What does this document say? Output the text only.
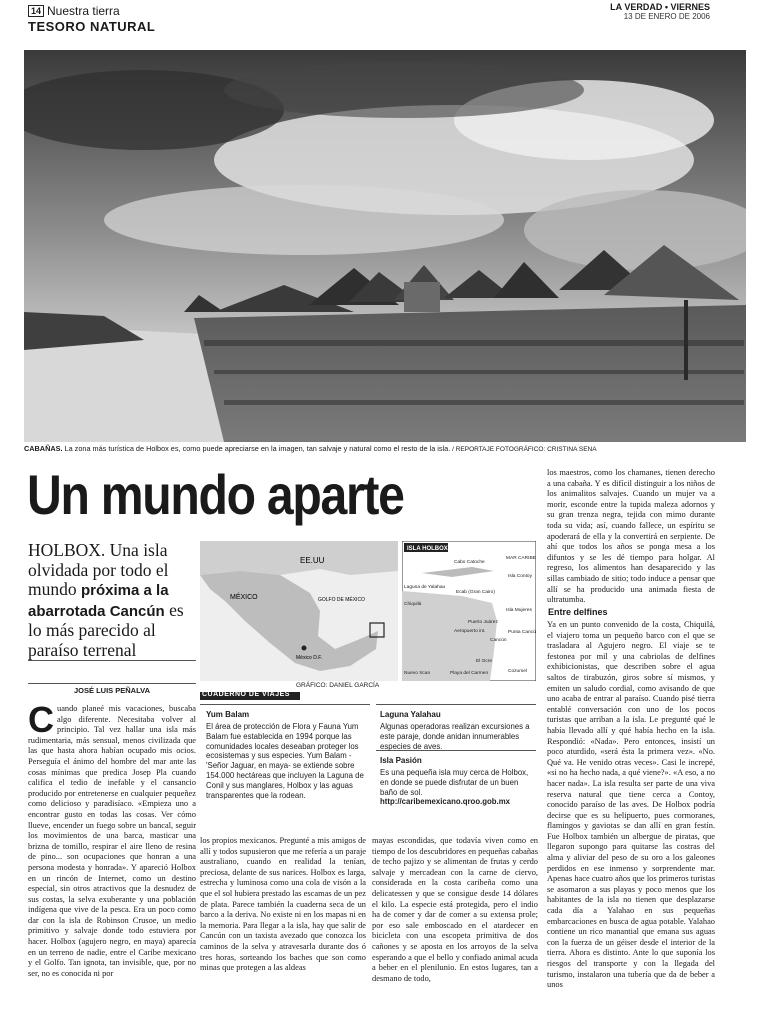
14 Nuestra tierra
TESORO NATURAL
LA VERDAD • VIERNES
13 DE ENERO DE 2006
CABAÑAS. La zona más turística de Holbox es, como puede apreciarse en la imagen, tan salvaje y natural como el resto de la isla. / REPORTAJE FOTOGRÁFICO: CRISTINA SENA
Un mundo aparte
HOLBOX. Una isla olvidada por todo el mundo próxima a la abarrotada Cancún es lo más parecido al paraíso terrenal
JOSÉ LUIS PEÑALVA
Cuando planeé mis vacaciones, buscaba algo diferente. Necesitaba volver al principio. Tal vez hallar una isla más rudimentaria, más sensual, menos civilizada que las que hasta ahora habían ocupado mis ocios. Perseguía el ánimo del hombre del mar ante las cosas mínimas que predica Josep Pla cuando califica el tedio de inefable y el cansancio producido por entretenerse en cualquier pequeñez como delicioso y paradisíaco. «Empieza uno a encontrar gusto en todas las cosas. Ver cómo llueve, encender un fuego sobre un bancal, seguir los movimientos de una barca, masticar una brizna de tomillo, respirar el aire lleno de resina de pino... son ocupaciones que honran a una persona modesta y honrada». Y apareció Holbox en un rincón de Internet, como un destino especial, sin otros atractivos que la desnudez de sus costas, la selva exuberante y una población indígena que vive de la pesca. Era un poco como dar con la isla de Robinson Crusoe, un medio primitivo y salvaje donde todo estuviera por hacer. Holbox (agujero negro, en maya) aparecía en un terreno de nadie, entre el Caribe mexicano y el Golfo. Tan ignota, tan invisible, que, por no ser, no es conocida ni por
EE.UU
MÉXICO	GOLFO DE MÉXICO
México D.F.
ISLA HOLBOX
Cabo Catoche
Laguna de Yalahau
Ecab (Gran Cairo)
Chiquilá
Puerto Juárez
Aeropuerto int.
Cancún
El Ocre
Nuevo Xcan	Playa del Carmen	Cozumel
MAR CARIBE
Isla Contoy
Isla Mujeres
Punta Cancún
GRÁFICO: DANIEL GARCÍA
CUADERNO DE VIAJES
Yum Balam
El área de protección de Flora y Fauna Yum Balam fue establecida en 1994 porque las comunidades locales deseaban proteger los ecosistemas y sus especies. Yum Balam -'Señor Jaguar, en maya- se extiende sobre 154.000 hectáreas que incluyen la Laguna de Conil y sus manglares, Holbox y las aguas transparentes que la rodean.
Laguna Yalahau
Algunas operadoras realizan excursiones a este paraje, donde anidan innumerables especies de aves.
Isla Pasión
Es una pequeña isla muy cerca de Holbox, en donde se puede disfrutar de un buen baño de sol.
http://caribemexicano.qroo.gob.mx
los propios mexicanos. Pregunté a mis amigos de allí y todos supusieron que me refería a un paraje australiano, cuando en realidad la tenían, preciosa, delante de sus narices. Holbox es larga, estrecha y luminosa como una cola de visón a la que el sol hubiera prestado las escamas de un pez de plata. Parece también la cuaderna seca de un barco a la deriva. No existe ni en los mapas ni en la memoria. Para llegar a la isla, hay que salir de Cancún con un taxista avezado que conozca los caminos de la selva y atravesarla durante dos ó tres horas, sorteando los baches que son como minas que protegen a las aldeas
mayas escondidas, que todavía viven como en tiempo de los descubridores en pequeñas cabañas de techo pajizo y se alimentan de frutas y cerdo salvaje y mercadean con la carne de ciervo, considerada en la costa caribeña como una delicatessen y que se consigue desde 14 dólares el kilo. La especie está protegida, pero el indio ha de comer y dar de comer a su extensa prole; por eso sale emboscado en el atardecer en bicicleta con una escopeta primitiva de dos cañones y se aposta en los arroyos de la selva esperando a que el bello y confiado animal acuda a beber en el plenilunio. En estos lugares, tan a desmano de todo,
los maestros, como los chamanes, tienen derecho a una cabaña. Y es difícil distinguir a los niños de los animalitos salvajes. Cuando un mujer va a morir, esconde entre la tupida maleza adornos y su gran trenza negra, tejida con mimo durante toda su vida; así, cuando fallece, un espíritu se apoderará de ella y la convertirá en serpiente. De ahí que todos los años se ponga mesa a los difuntos y se les dé tiempo para holgar. Al regreso, los alimentos han desaparecido y las sillas cambiado de sitio; todo induce a pensar que allí se ha producido una animada fiesta de ultratumba.
Entre delfines
Ya en un punto convenido de la costa, Chiquilá, el viajero toma un pequeño barco con el que se trasladara al Agujero negro. El viaje se te festonea por mil y una cabriolas de delfines exhibicionistas, que describen sobre el agua saltos de tirabuzón, giros sobre sí mismos, y emiten un saludo cordial, como avisando de que uno acaba de entrar al paraíso. Cuando pisé tierra entablé conversación con uno de los pocos turistas que arriban a la isla. Le pregunté qué le había llevado allí y qué había hecho en la isla. Respondió: «Nada». Pero entonces, insistí un poco aturdido, «será ésta la primera vez». «No. Qué va. He venido otras veces». Casi le increpé, «si no ha hecho nada, a qué viene?». «A eso, a no hacer nada». La isla resulta ser parte de una viva reserva natural que tiene cerca a Contoy, conocido paraíso de las aves. De Holbox podría decirse que es su helipuerto, pues cormoranes, flamingos y gaviotas se dan allí en gran festín. Fue Holbox también un albergue de piratas, que llegaron supongo para quitarse las costras del alma y aliviar del peso de su oro a los galeones perdidos en ese inmenso y sorprendente mar. Apenas hace cuatro años que los primeros turistas se asomaron a sus playas y poco menos que los habitantes de la isla no tienen que desplazarse cada día a Yalahao en sus pequeñas embarcaciones en busca de agua potable. Yalahao contiene un rico manantial que emana sus aguas con la fuerza de un géiser desde el interior de la tierra. Ahora es distinto. Ante lo que suponía los riesgos del transporte y con la llegada del turismo, instalaron una tubería que da de beber a unos
